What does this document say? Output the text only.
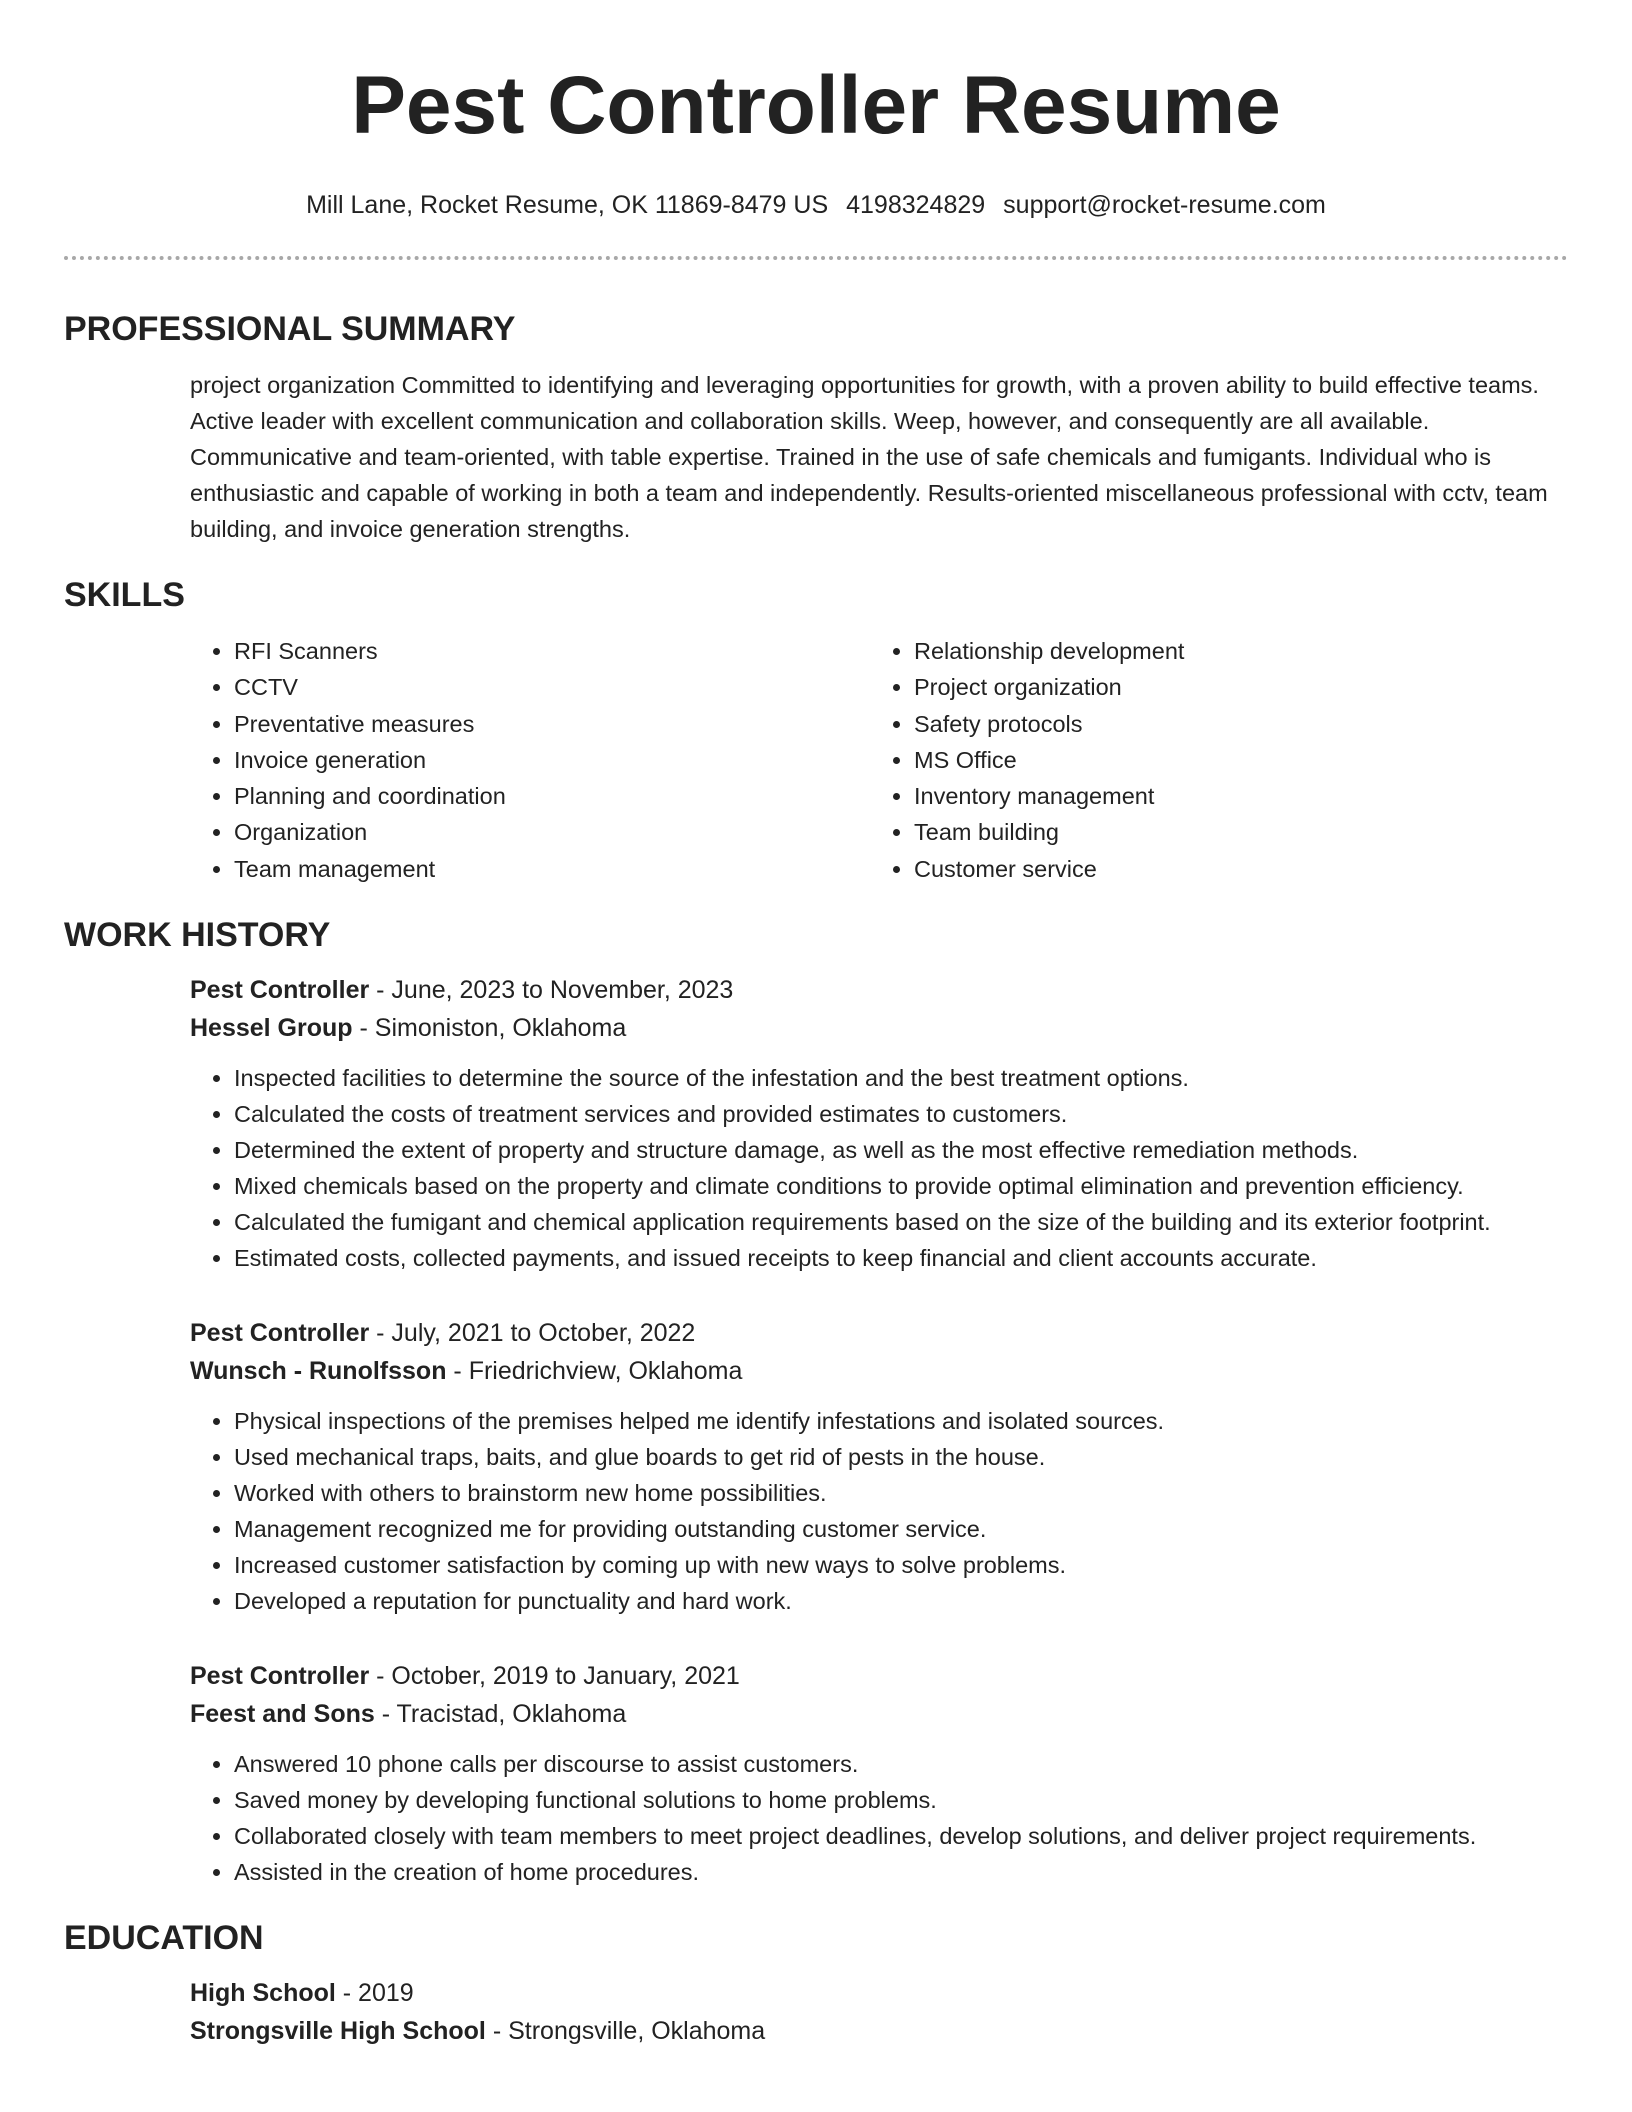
Pest Controller Resume
Mill Lane, Rocket Resume, OK 11869-8479 US 4198324829 support@rocket-resume.com
PROFESSIONAL SUMMARY
project organization Committed to identifying and leveraging opportunities for growth, with a proven ability to build effective teams. Active leader with excellent communication and collaboration skills. Weep, however, and consequently are all available. Communicative and team-oriented, with table expertise. Trained in the use of safe chemicals and fumigants. Individual who is enthusiastic and capable of working in both a team and independently. Results-oriented miscellaneous professional with cctv, team building, and invoice generation strengths.
SKILLS
• RFI Scanners
• CCTV
• Preventative measures
• Invoice generation
• Planning and coordination
• Organization
• Team management
• Relationship development
• Project organization
• Safety protocols
• MS Office
• Inventory management
• Team building
• Customer service
WORK HISTORY
Pest Controller - June, 2023 to November, 2023
Hessel Group - Simoniston, Oklahoma
• Inspected facilities to determine the source of the infestation and the best treatment options.
• Calculated the costs of treatment services and provided estimates to customers.
• Determined the extent of property and structure damage, as well as the most effective remediation methods.
• Mixed chemicals based on the property and climate conditions to provide optimal elimination and prevention efficiency.
• Calculated the fumigant and chemical application requirements based on the size of the building and its exterior footprint.
• Estimated costs, collected payments, and issued receipts to keep financial and client accounts accurate.
Pest Controller - July, 2021 to October, 2022
Wunsch - Runolfsson - Friedrichview, Oklahoma
• Physical inspections of the premises helped me identify infestations and isolated sources.
• Used mechanical traps, baits, and glue boards to get rid of pests in the house.
• Worked with others to brainstorm new home possibilities.
• Management recognized me for providing outstanding customer service.
• Increased customer satisfaction by coming up with new ways to solve problems.
• Developed a reputation for punctuality and hard work.
Pest Controller - October, 2019 to January, 2021
Feest and Sons - Tracistad, Oklahoma
• Answered 10 phone calls per discourse to assist customers.
• Saved money by developing functional solutions to home problems.
• Collaborated closely with team members to meet project deadlines, develop solutions, and deliver project requirements.
• Assisted in the creation of home procedures.
EDUCATION
High School - 2019
Strongsville High School - Strongsville, Oklahoma
